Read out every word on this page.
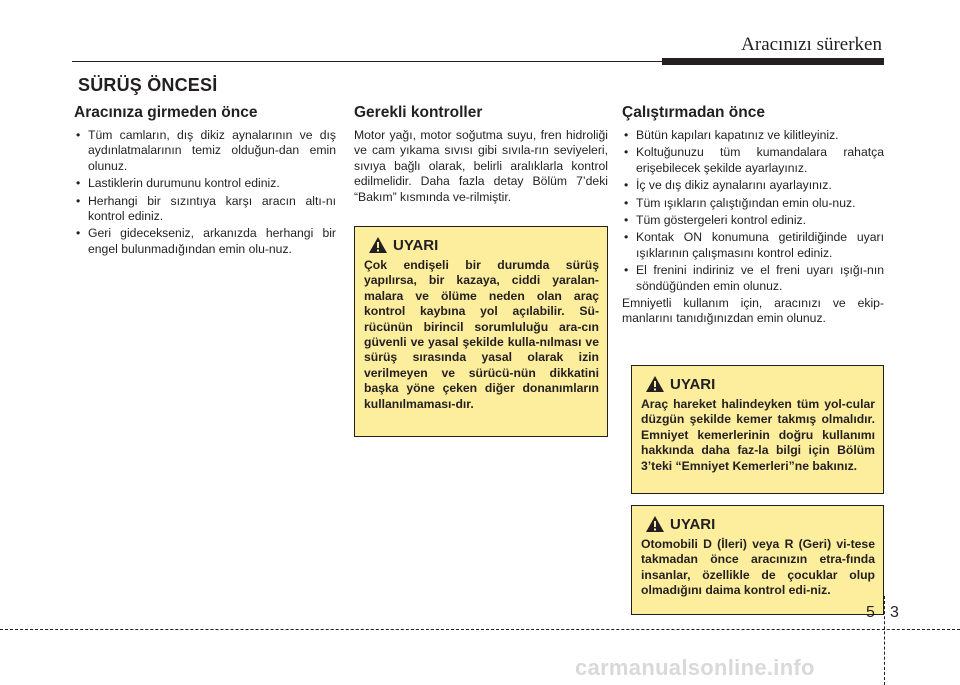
Aracınızı sürerken
SÜRÜŞ ÖNCESİ
Aracınıza girmeden önce
• Tüm camların, dış dikiz aynalarının ve dış aydınlatmalarının temiz olduğun-dan emin olunuz.
• Lastiklerin durumunu kontrol ediniz.
• Herhangi bir sızıntıya karşı aracın altı-nı kontrol ediniz.
• Geri gidecekseniz, arkanızda herhangi bir engel bulunmadığından emin olu-nuz.
Gerekli kontroller

Motor yağı, motor soğutma suyu, fren hidroliği ve cam yıkama sıvısı gibi sıvıla-rın seviyeleri, sıvıya bağlı olarak, belirli aralıklarla kontrol edilmelidir. Daha fazla detay Bölüm 7’deki “Bakım” kısmında ve-rilmiştir.

Çalıştırmadan önce
• Bütün kapıları kapatınız ve kilitleyiniz.
• Koltuğunuzu tüm kumandalara rahatça erişebilecek şekilde ayarlayınız.
• İç ve dış dikiz aynalarını ayarlayınız.
• Tüm ışıkların çalıştığından emin olu-nuz.
• Tüm göstergeleri kontrol ediniz.
• Kontak ON konumuna getirildiğinde uyarı ışıklarının çalışmasını kontrol ediniz.
• El frenini indiriniz ve el freni uyarı ışığı-nın söndüğünden emin olunuz.

Emniyetli kullanım için, aracınızı ve ekip-manlarını tanıdığınızdan emin olunuz.

UYARI
Çok endişeli bir durumda sürüş yapılırsa, bir kazaya, ciddi yaralan-malara ve ölüme neden olan araç kontrol kaybına yol açılabilir. Sü-rücünün birincil sorumluluğu ara-cın güvenli ve yasal şekilde kulla-nılması ve sürüş sırasında yasal olarak izin verilmeyen ve sürücü-nün dikkatini başka yöne çeken diğer donanımların kullanılmaması-dır.
UYARI
Araç hareket halindeyken tüm yol-cular düzgün şekilde kemer takmış olmalıdır. Emniyet kemerlerinin doğru kullanımı hakkında daha faz-la bilgi için Bölüm 3’teki “Emniyet Kemerleri”ne bakınız.
UYARI
Otomobili D (İleri) veya R (Geri) vi-tese takmadan önce aracınızın etra-fında insanlar, özellikle de çocuklar olup olmadığını daima kontrol edi-niz.
5 3
carmanualsonline.info
